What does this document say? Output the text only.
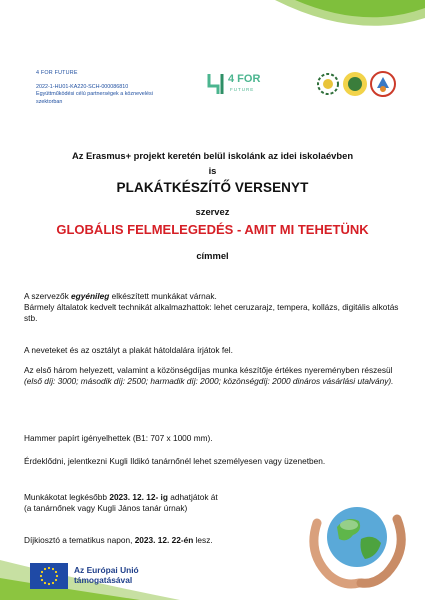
4 FOR FUTURE
2022-1-HU01-KA220-SCH-000086810
Együttműködési célú partnerségek a köznevelési szektorban
4 FOR
FUTURE
Az Erasmus+ projekt keretén belül iskolánk az idei iskolaévben
is
PLAKÁTKÉSZÍTŐ VERSENYT
szervez
GLOBÁLIS FELMELEGEDÉS - AMIT MI TEHETÜNK
címmel
A szervezők egyénileg elkészített munkákat várnak.
Bármely általatok kedvelt technikát alkalmazhattok: lehet ceruzarajz, tempera, kollázs, digitális alkotás stb.
A neveteket és az osztályt a plakát hátoldalára írjátok fel.
Az első három helyezett, valamint a közönségdíjas munka készítője értékes nyereményben részesül
(első díj: 3000; második díj: 2500; harmadik díj: 2000; közönségdíj: 2000 dináros vásárlási utalvány).
Hammer papírt igényelhettek (B1: 707 x 1000 mm).
Érdeklődni, jelentkezni Kugli Ildikó tanárnőnél lehet személyesen vagy üzenetben.
Munkákotat legkésőbb 2023. 12. 12- ig adhatjátok át
(a tanárnőnek vagy Kugli János tanár úrnak)
Díjkiosztó a tematikus napon, 2023. 12. 22-én lesz.
Az Európai Unió
támogatásával
